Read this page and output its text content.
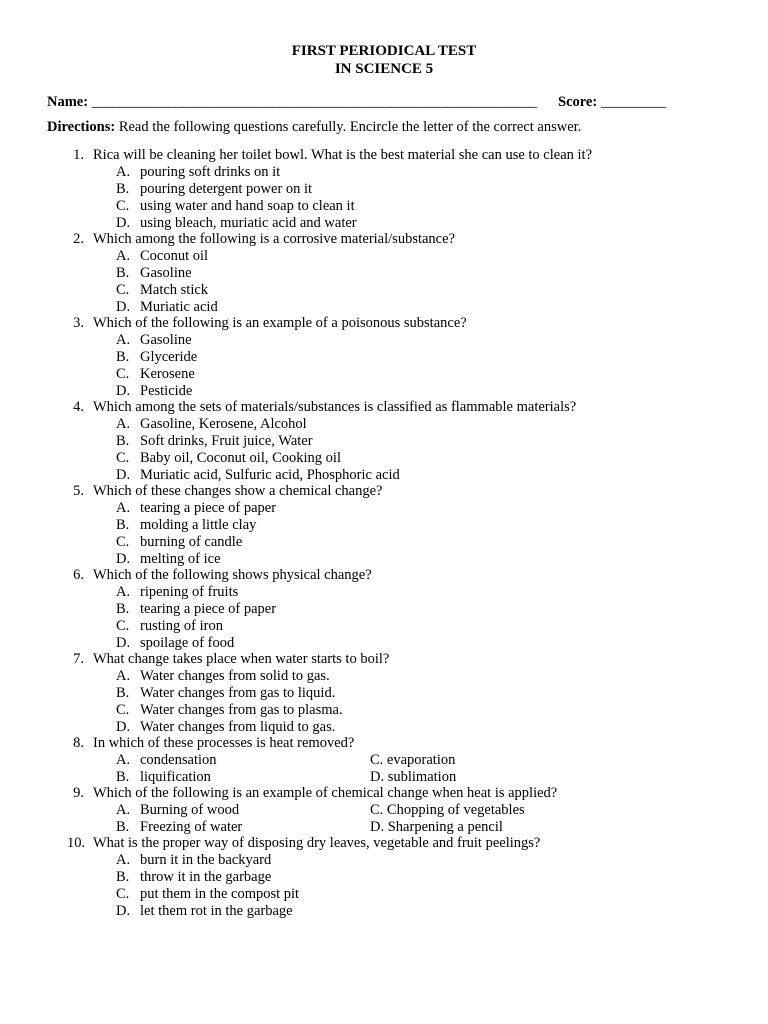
FIRST PERIODICAL TEST
IN SCIENCE 5
Name: ________________________________________________________________ Score: _________
Directions: Read the following questions carefully. Encircle the letter of the correct answer.
1. Rica will be cleaning her toilet bowl. What is the best material she can use to clean it?
A. pouring soft drinks on it
B. pouring detergent power on it
C. using water and hand soap to clean it
D. using bleach, muriatic acid and water
2. Which among the following is a corrosive material/substance?
A. Coconut oil
B. Gasoline
C. Match stick
D. Muriatic acid
3. Which of the following is an example of a poisonous substance?
A. Gasoline
B. Glyceride
C. Kerosene
D. Pesticide
4. Which among the sets of materials/substances is classified as flammable materials?
A. Gasoline, Kerosene, Alcohol
B. Soft drinks, Fruit juice, Water
C. Baby oil, Coconut oil, Cooking oil
D. Muriatic acid, Sulfuric acid, Phosphoric acid
5. Which of these changes show a chemical change?
A. tearing a piece of paper
B. molding a little clay
C. burning of candle
D. melting of ice
6. Which of the following shows physical change?
A. ripening of fruits
B. tearing a piece of paper
C. rusting of iron
D. spoilage of food
7. What change takes place when water starts to boil?
A. Water changes from solid to gas.
B. Water changes from gas to liquid.
C. Water changes from gas to plasma.
D. Water changes from liquid to gas.
8. In which of these processes is heat removed?
A. condensation	C. evaporation
B. liquification	D. sublimation
9. Which of the following is an example of chemical change when heat is applied?
A. Burning of wood	C. Chopping of vegetables
B. Freezing of water	D. Sharpening a pencil
10. What is the proper way of disposing dry leaves, vegetable and fruit peelings?
A. burn it in the backyard
B. throw it in the garbage
C. put them in the compost pit
D. let them rot in the garbage
